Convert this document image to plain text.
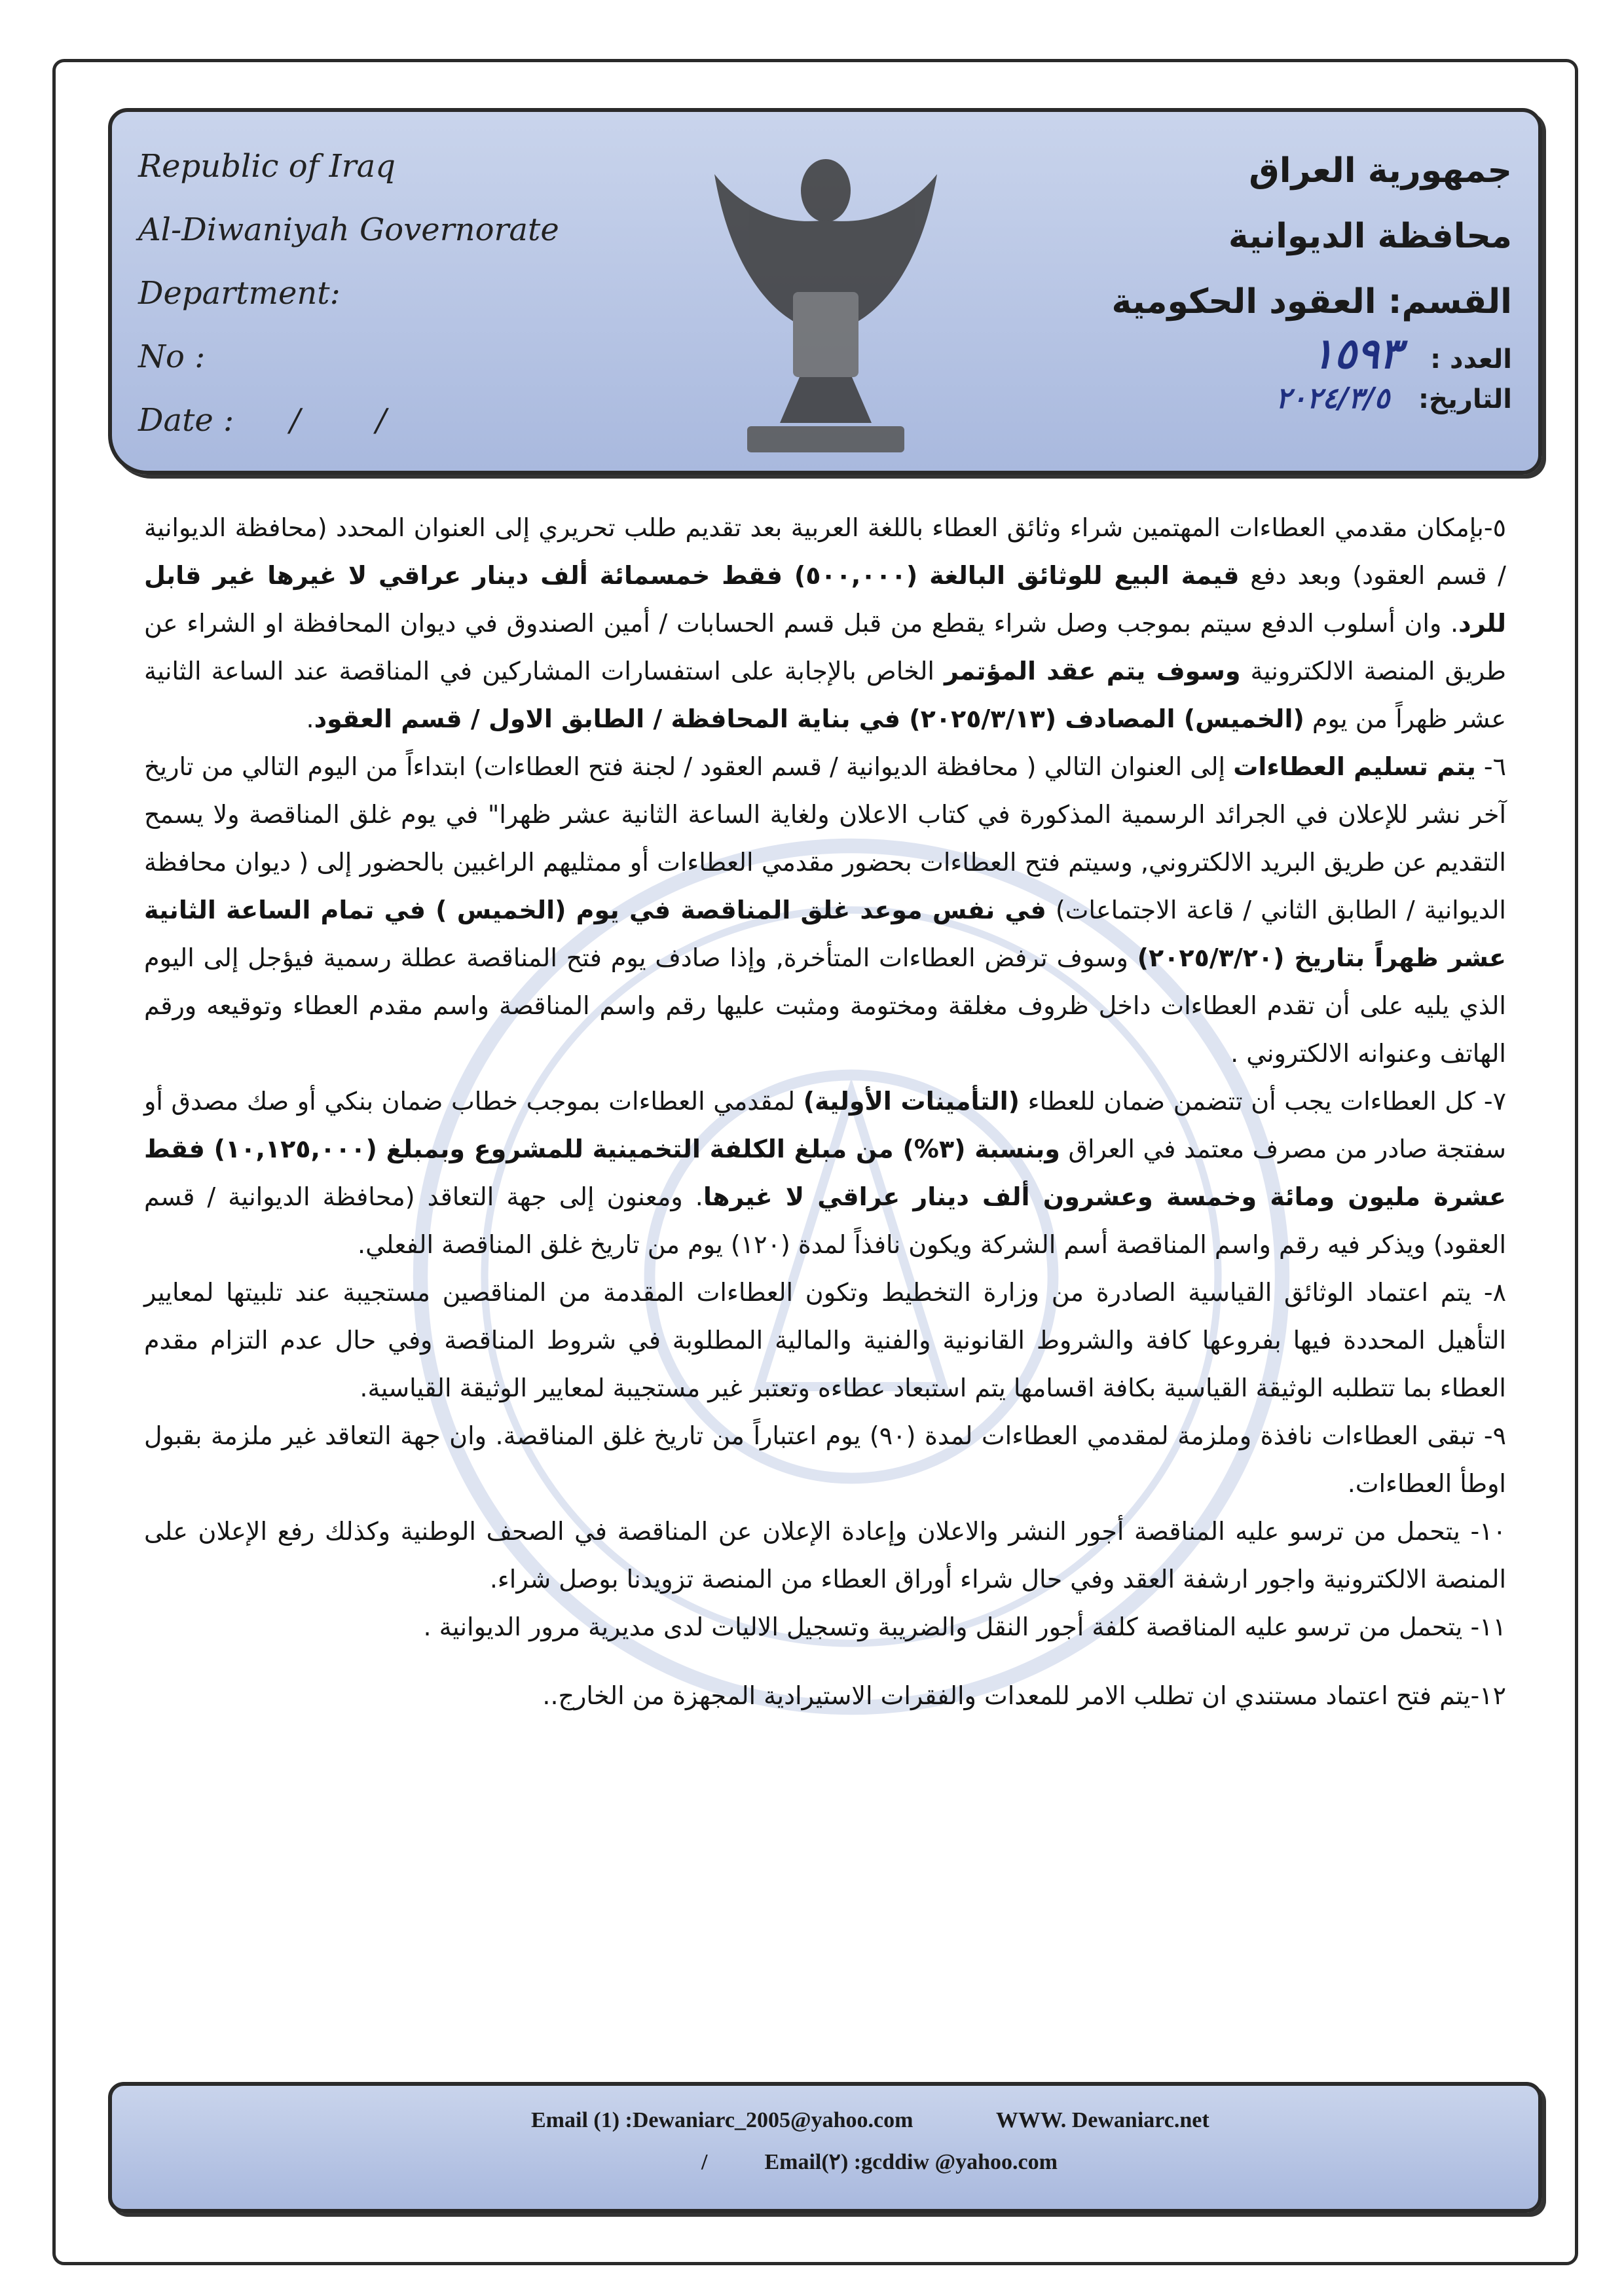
Republic of Iraq
Al-Diwaniyah Governorate
Department:
No :
Date : / /
جمهورية العراق
محافظة الديوانية
القسم: العقود الحكومية
العدد : ١٥٩٣
التاريخ: ٢٠٢٤/٣/٥

٥-بإمكان مقدمي العطاءات المهتمين شراء وثائق العطاء باللغة العربية بعد تقديم طلب تحريري إلى العنوان المحدد (محافظة الديوانية / قسم العقود) وبعد دفع قيمة البيع للوثائق البالغة (٥٠٠,٠٠٠) فقط خمسمائة ألف دينار عراقي لا غيرها غير قابل للرد. وان أسلوب الدفع سيتم بموجب وصل شراء يقطع من قبل قسم الحسابات / أمين الصندوق في ديوان المحافظة او الشراء عن طريق المنصة الالكترونية وسوف يتم عقد المؤتمر الخاص بالإجابة على استفسارات المشاركين في المناقصة عند الساعة الثانية عشر ظهراً من يوم (الخميس) المصادف (٢٠٢٥/٣/١٣) في بناية المحافظة / الطابق الاول / قسم العقود.

٦- يتم تسليم العطاءات إلى العنوان التالي ( محافظة الديوانية / قسم العقود / لجنة فتح العطاءات) ابتداءاً من اليوم التالي من تاريخ آخر نشر للإعلان في الجرائد الرسمية المذكورة في كتاب الاعلان ولغاية الساعة الثانية عشر ظهرا" في يوم غلق المناقصة ولا يسمح التقديم عن طريق البريد الالكتروني, وسيتم فتح العطاءات بحضور مقدمي العطاءات أو ممثليهم الراغبين بالحضور إلى ( ديوان محافظة الديوانية / الطابق الثاني / قاعة الاجتماعات) في نفس موعد غلق المناقصة في يوم (الخميس ) في تمام الساعة الثانية عشر ظهراً بتاريخ (٢٠٢٥/٣/٢٠) وسوف ترفض العطاءات المتأخرة, وإذا صادف يوم فتح المناقصة عطلة رسمية فيؤجل إلى اليوم الذي يليه على أن تقدم العطاءات داخل ظروف مغلقة ومختومة ومثبت عليها رقم واسم المناقصة واسم مقدم العطاء وتوقيعه ورقم الهاتف وعنوانه الالكتروني .

٧- كل العطاءات يجب أن تتضمن ضمان للعطاء (التأمينات الأولية) لمقدمي العطاءات بموجب خطاب ضمان بنكي أو صك مصدق أو سفتجة صادر من مصرف معتمد في العراق وبنسبة (٣%) من مبلغ الكلفة التخمينية للمشروع وبمبلغ (١٠,١٢٥,٠٠٠) فقط عشرة مليون ومائة وخمسة وعشرون ألف دينار عراقي لا غيرها. ومعنون إلى جهة التعاقد (محافظة الديوانية / قسم العقود) ويذكر فيه رقم واسم المناقصة أسم الشركة ويكون نافذاً لمدة (١٢٠) يوم من تاريخ غلق المناقصة الفعلي.

٨- يتم اعتماد الوثائق القياسية الصادرة من وزارة التخطيط وتكون العطاءات المقدمة من المناقصين مستجيبة عند تلبيتها لمعايير التأهيل المحددة فيها بفروعها كافة والشروط القانونية والفنية والمالية المطلوبة في شروط المناقصة وفي حال عدم التزام مقدم العطاء بما تتطلبه الوثيقة القياسية بكافة اقسامها يتم استبعاد عطاءه وتعتبر غير مستجيبة لمعايير الوثيقة القياسية.

٩- تبقى العطاءات نافذة وملزمة لمقدمي العطاءات لمدة (٩٠) يوم اعتباراً من تاريخ غلق المناقصة. وان جهة التعاقد غير ملزمة بقبول اوطأ العطاءات.

١٠- يتحمل من ترسو عليه المناقصة أجور النشر والاعلان وإعادة الإعلان عن المناقصة في الصحف الوطنية وكذلك رفع الإعلان على المنصة الالكترونية واجور ارشفة العقد وفي حال شراء أوراق العطاء من المنصة تزويدنا بوصل شراء.

١١- يتحمل من ترسو عليه المناقصة كلفة أجور النقل والضريبة وتسجيل الاليات لدى مديرية مرور الديوانية .

١٢-يتم فتح اعتماد مستندي ان تطلب الامر للمعدات والفقرات الاستيرادية المجهزة من الخارج..

Email (1) :Dewaniarc_2005@yahoo.com	WWW. Dewaniarc.net
/	Email(٢) :gcddiw @yahoo.com
